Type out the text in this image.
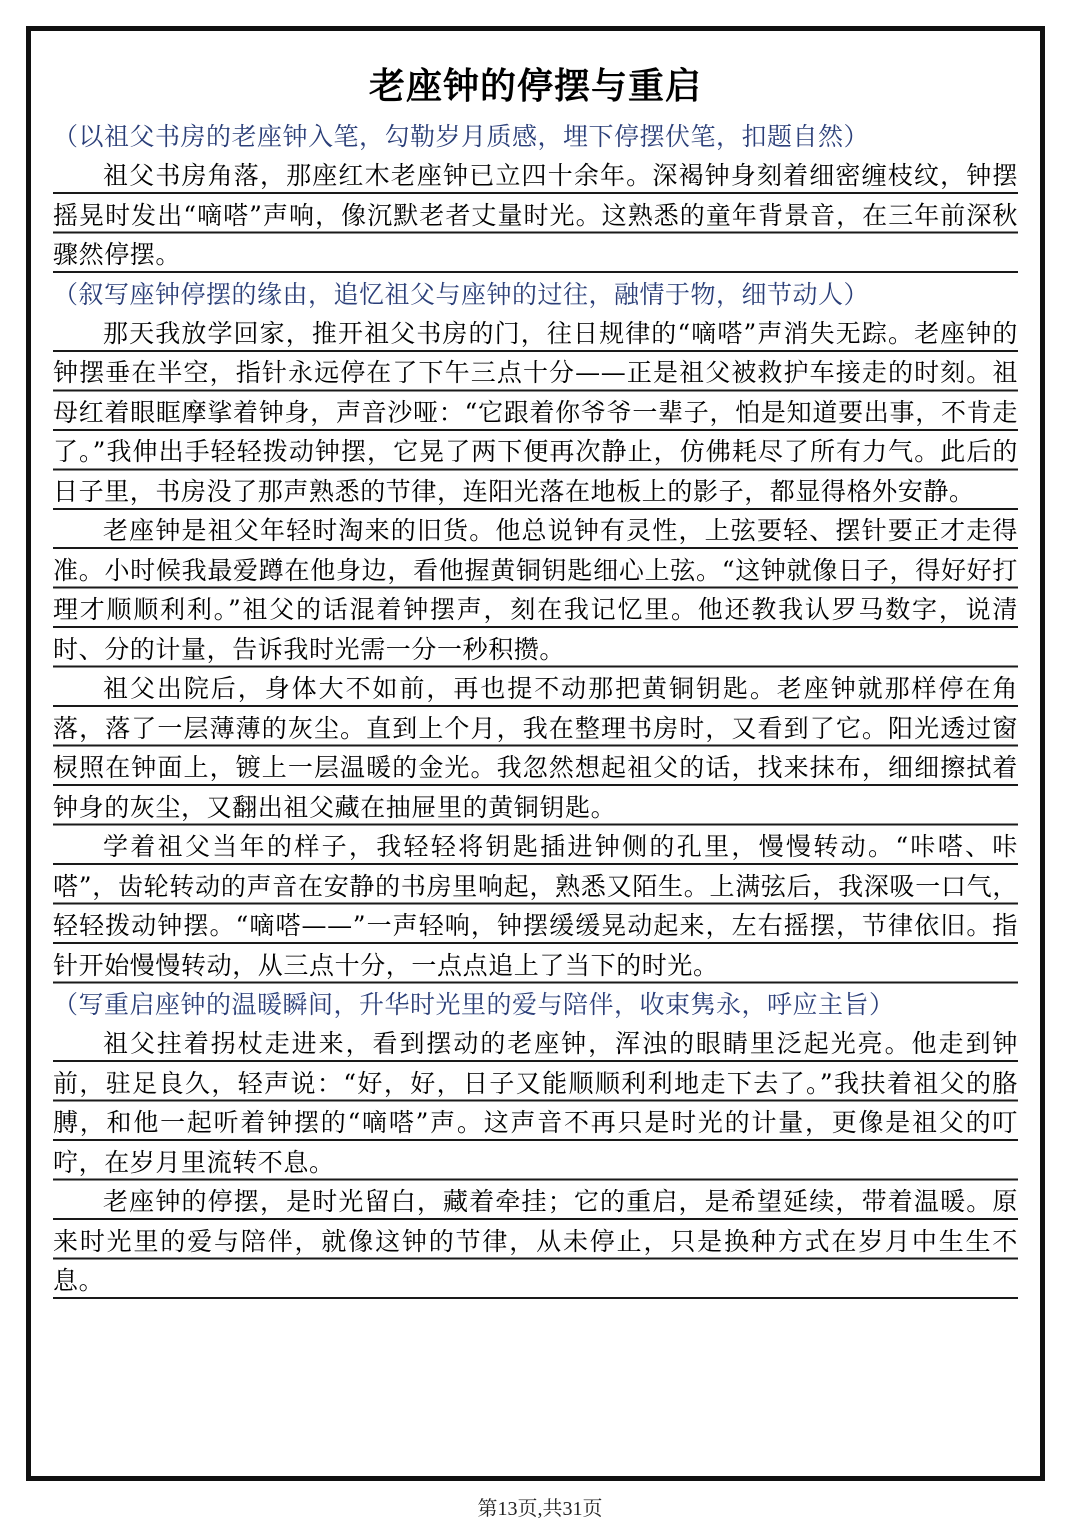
老座钟的停摆与重启

（以祖父书房的老座钟入笔，勾勒岁月质感，埋下停摆伏笔，扣题自然）

祖父书房角落，那座红木老座钟已立四十余年。深褐钟身刻着细密缠枝纹，钟摆摇晃时发出“嘀嗒”声响，像沉默老者丈量时光。这熟悉的童年背景音，在三年前深秋骤然停摆。

（叙写座钟停摆的缘由，追忆祖父与座钟的过往，融情于物，细节动人）

那天我放学回家，推开祖父书房的门，往日规律的“嘀嗒”声消失无踪。老座钟的钟摆垂在半空，指针永远停在了下午三点十分——正是祖父被救护车接走的时刻。祖母红着眼眶摩挲着钟身，声音沙哑：“它跟着你爷爷一辈子，怕是知道要出事，不肯走了。”我伸出手轻轻拨动钟摆，它晃了两下便再次静止，仿佛耗尽了所有力气。此后的日子里，书房没了那声熟悉的节律，连阳光落在地板上的影子，都显得格外安静。

老座钟是祖父年轻时淘来的旧货。他总说钟有灵性，上弦要轻、摆针要正才走得准。小时候我最爱蹲在他身边，看他握黄铜钥匙细心上弦。“这钟就像日子，得好好打理才顺顺利利。”祖父的话混着钟摆声，刻在我记忆里。他还教我认罗马数字，说清时、分的计量，告诉我时光需一分一秒积攒。

祖父出院后，身体大不如前，再也提不动那把黄铜钥匙。老座钟就那样停在角落，落了一层薄薄的灰尘。直到上个月，我在整理书房时，又看到了它。阳光透过窗棂照在钟面上，镀上一层温暖的金光。我忽然想起祖父的话，找来抹布，细细擦拭着钟身的灰尘，又翻出祖父藏在抽屉里的黄铜钥匙。

学着祖父当年的样子，我轻轻将钥匙插进钟侧的孔里，慢慢转动。“咔嗒、咔嗒”，齿轮转动的声音在安静的书房里响起，熟悉又陌生。上满弦后，我深吸一口气，轻轻拨动钟摆。“嘀嗒——”一声轻响，钟摆缓缓晃动起来，左右摇摆，节律依旧。指针开始慢慢转动，从三点十分，一点点追上了当下的时光。

（写重启座钟的温暖瞬间，升华时光里的爱与陪伴，收束隽永，呼应主旨）

祖父拄着拐杖走进来，看到摆动的老座钟，浑浊的眼睛里泛起光亮。他走到钟前，驻足良久，轻声说：“好，好，日子又能顺顺利利地走下去了。”我扶着祖父的胳膊，和他一起听着钟摆的“嘀嗒”声。这声音不再只是时光的计量，更像是祖父的叮咛，在岁月里流转不息。

老座钟的停摆，是时光留白，藏着牵挂；它的重启，是希望延续，带着温暖。原来时光里的爱与陪伴，就像这钟的节律，从未停止，只是换种方式在岁月中生生不息。

第13页,共31页
